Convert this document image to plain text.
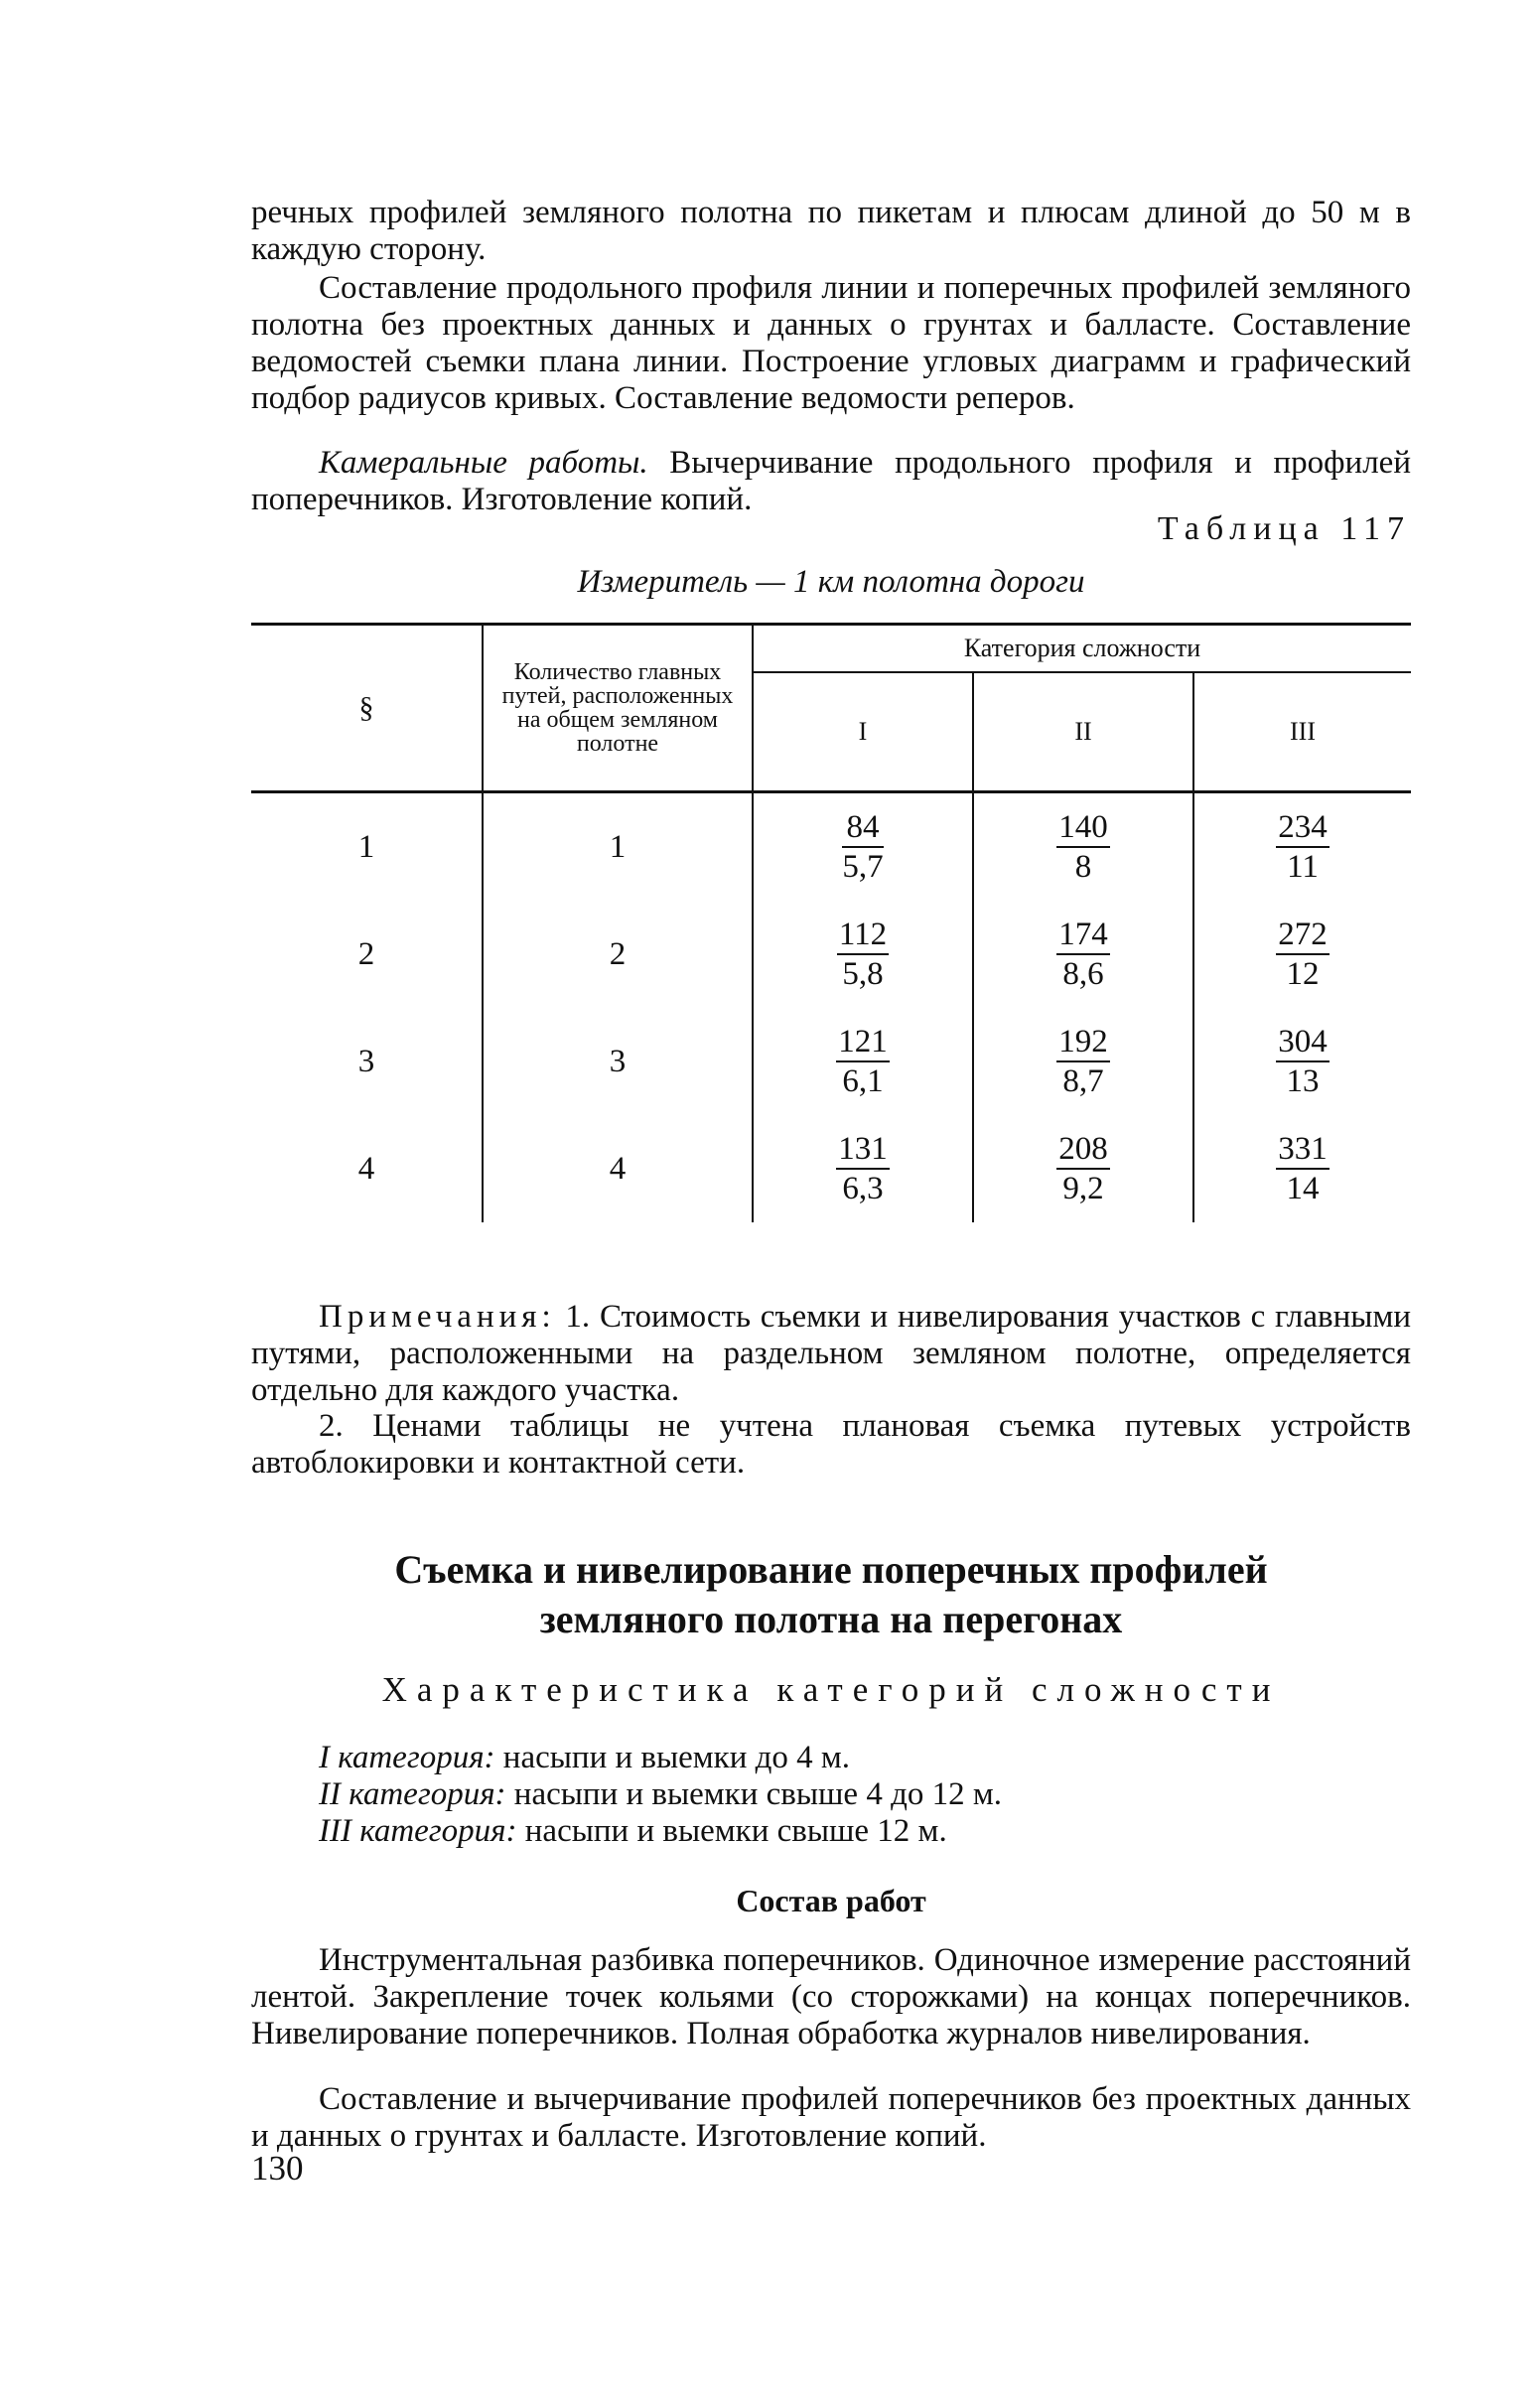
речных профилей земляного полотна по пикетам и плюсам длиной до 50 м в каждую сторону.

Составление продольного профиля линии и поперечных профилей земляного полотна без проектных данных и данных о грунтах и балласте. Составление ведомостей съемки плана линии. Построение угловых диаграмм и графический подбор радиусов кривых. Составление ведомости реперов.

Камеральные работы. Вычерчивание продольного профиля и профилей поперечников. Изготовление копий.

Таблица 117
Измеритель — 1 км полотна дороги
§	Количество главных путей, расположенных на общем земляном полотне	Категория сложности		
		I	II	III
1	1	$\frac{84}{5,7}$	$\frac{140}{8}$	$\frac{234}{11}$

2	2	$\frac{112}{5,8}$	$\frac{174}{8,6}$	$\frac{272}{12}$

3	3	$\frac{121}{6,1}$	$\frac{192}{8,7}$	$\frac{304}{13}$

4	4	$\frac{131}{6,3}$	$\frac{208}{9,2}$	$\frac{331}{14}$

Примечания: 1. Стоимость съемки и нивелирования участков с главными путями, расположенными на раздельном земляном полотне, определяется отдельно для каждого участка.

2. Ценами таблицы не учтена плановая съемка путевых устройств автоблокировки и контактной сети.

Съемка и нивелирование поперечных профилей
земляного полотна на перегонах

Характеристика категорий сложности

I категория: насыпи и выемки до 4 м.
II категория: насыпи и выемки свыше 4 до 12 м.
III категория: насыпи и выемки свыше 12 м.

Состав работ

Инструментальная разбивка поперечников. Одиночное измерение расстояний лентой. Закрепление точек кольями (со сторожками) на концах поперечников. Нивелирование поперечников. Полная обработка журналов нивелирования.

Составление и вычерчивание профилей поперечников без проектных данных и данных о грунтах и балласте. Изготовление копий.

130
